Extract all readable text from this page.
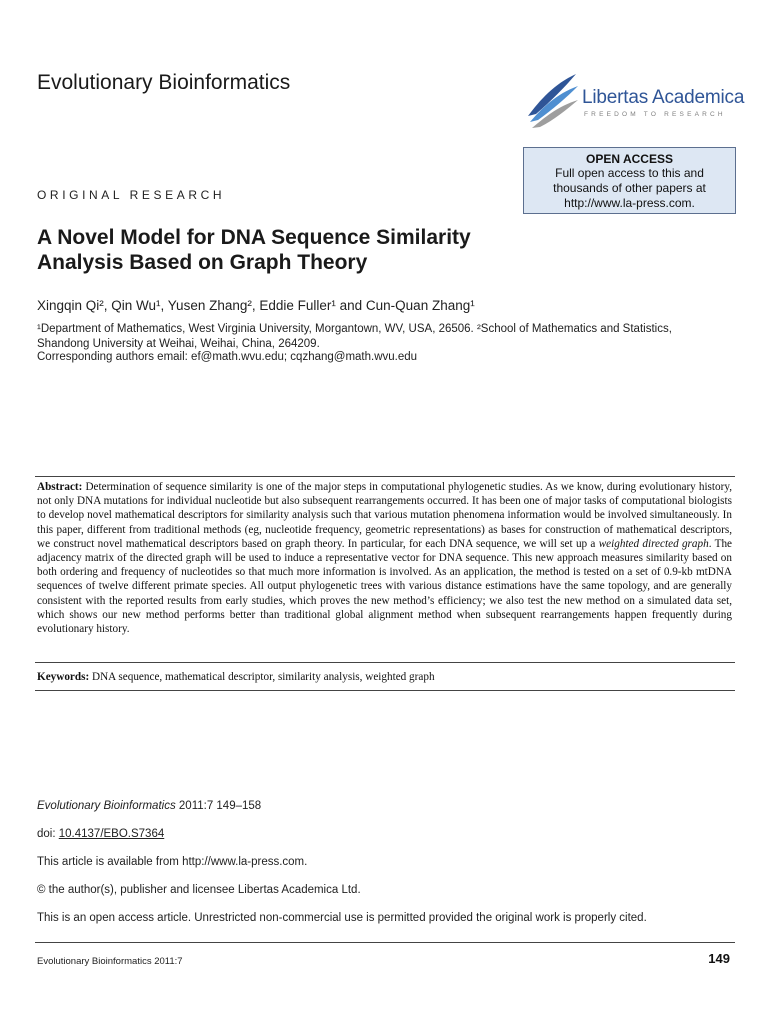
Evolutionary Bioinformatics
Libertas Academica
FREEDOM TO RESEARCH
OPEN ACCESS
Full open access to this and thousands of other papers at http://www.la-press.com.
ORIGINAL RESEARCH
A Novel Model for DNA Sequence Similarity
Analysis Based on Graph Theory
Xingqin Qi², Qin Wu¹, Yusen Zhang², Eddie Fuller¹ and Cun-Quan Zhang¹
¹Department of Mathematics, West Virginia University, Morgantown, WV, USA, 26506. ²School of Mathematics and Statistics, Shandong University at Weihai, Weihai, China, 264209.
Corresponding authors email: ef@math.wvu.edu; cqzhang@math.wvu.edu
Abstract: Determination of sequence similarity is one of the major steps in computational phylogenetic studies. As we know, during evolutionary history, not only DNA mutations for individual nucleotide but also subsequent rearrangements occurred. It has been one of major tasks of computational biologists to develop novel mathematical descriptors for similarity analysis such that various mutation phenomena information would be involved simultaneously. In this paper, different from traditional methods (eg, nucleotide frequency, geometric representations) as bases for construction of mathematical descriptors, we construct novel mathematical descriptors based on graph theory. In particular, for each DNA sequence, we will set up a weighted directed graph. The adjacency matrix of the directed graph will be used to induce a representative vector for DNA sequence. This new approach measures similarity based on both ordering and frequency of nucleotides so that much more information is involved. As an application, the method is tested on a set of 0.9-kb mtDNA sequences of twelve different primate species. All output phylogenetic trees with various distance estimations have the same topology, and are generally consistent with the reported results from early studies, which proves the new method’s efficiency; we also test the new method on a simulated data set, which shows our new method performs better than traditional global alignment method when subsequent rearrangements happen frequently during evolutionary history.
Keywords: DNA sequence, mathematical descriptor, similarity analysis, weighted graph
Evolutionary Bioinformatics 2011:7 149–158
doi: 10.4137/EBO.S7364
This article is available from http://www.la-press.com.
© the author(s), publisher and licensee Libertas Academica Ltd.
This is an open access article. Unrestricted non-commercial use is permitted provided the original work is properly cited.
Evolutionary Bioinformatics 2011:7	149
